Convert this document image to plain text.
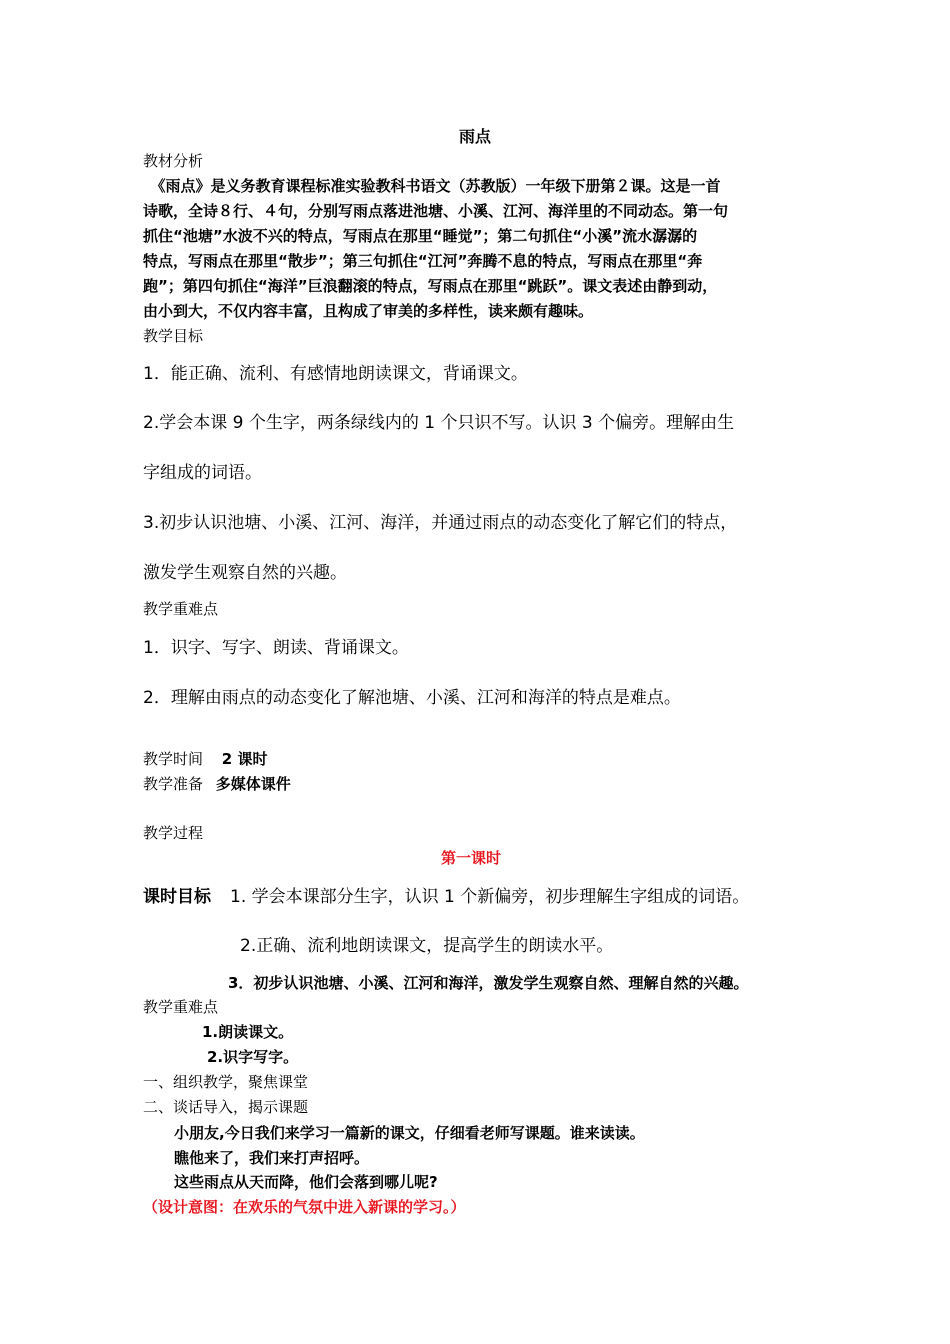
雨点
教材分析
　《雨点》是义务教育课程标准实验教科书语文（苏教版）一年级下册第２课。这是一首
诗歌，全诗８行、４句，分别写雨点落进池塘、小溪、江河、海洋里的不同动态。第一句
抓住“池塘”水波不兴的特点，写雨点在那里“睡觉”；第二句抓住“小溪”流水潺潺的
特点，写雨点在那里“散步”；第三句抓住“江河”奔腾不息的特点，写雨点在那里“奔
跑”；第四句抓住“海洋”巨浪翻滚的特点，写雨点在那里“跳跃”。课文表述由静到动，
由小到大，不仅内容丰富，且构成了审美的多样性，读来颇有趣味。
教学目标
1．能正确、流利、有感情地朗读课文，背诵课文。
2.学会本课 9 个生字，两条绿线内的 1 个只识不写。认识 3 个偏旁。理解由生
字组成的词语。
3.初步认识池塘、小溪、江河、海洋，并通过雨点的动态变化了解它们的特点，
激发学生观察自然的兴趣。
教学重难点
1．识字、写字、朗读、背诵课文。
2．理解由雨点的动态变化了解池塘、小溪、江河和海洋的特点是难点。
教学时间 2 课时
教学准备 多媒体课件
教学过程
第一课时
课时目标 1. 学会本课部分生字，认识 1 个新偏旁，初步理解生字组成的词语。
2.正确、流利地朗读课文，提高学生的朗读水平。
3．初步认识池塘、小溪、江河和海洋，激发学生观察自然、理解自然的兴趣。
教学重难点
1.朗读课文。
2.识字写字。
一、组织教学，聚焦课堂
二、谈话导入，揭示课题
小朋友,今日我们来学习一篇新的课文，仔细看老师写课题。谁来读读。
瞧他来了，我们来打声招呼。
这些雨点从天而降，他们会落到哪儿呢?
（设计意图：在欢乐的气氛中进入新课的学习。）
